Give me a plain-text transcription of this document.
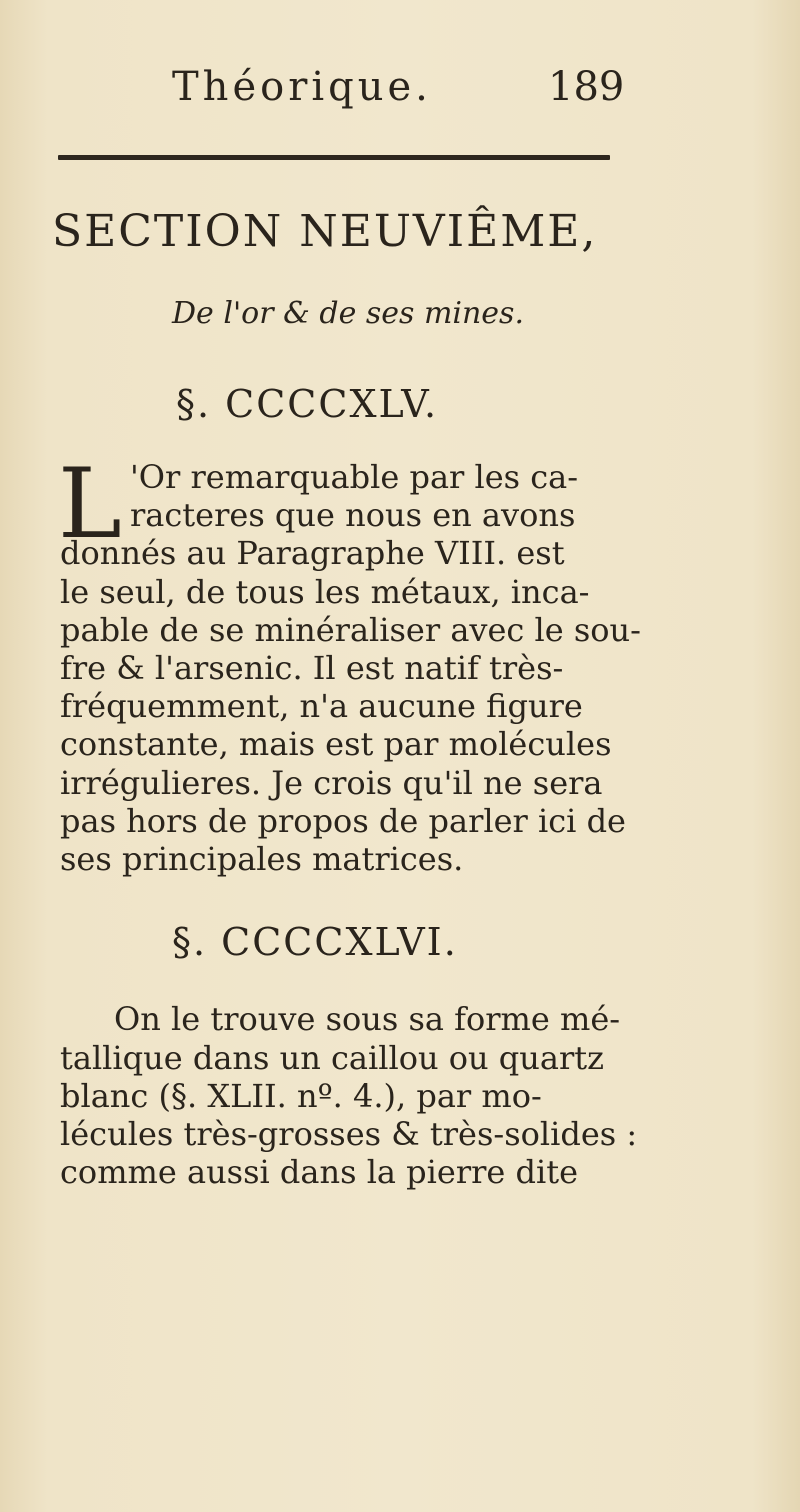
Théorique.	189
SECTION NEUVIÊME,
De l'or & de ses mines.
§. CCCCXLV.
L 'Or remarquable par les ca-
racteres que nous en avons
donnés au Paragraphe VIII. est
le seul, de tous les métaux, inca-
pable de se minéraliser avec le sou-
fre & l'arsenic. Il est natif très-
fréquemment, n'a aucune figure
constante, mais est par molécules
irrégulieres. Je crois qu'il ne sera
pas hors de propos de parler ici de
ses principales matrices.
§. CCCCXLVI.
On le trouve sous sa forme mé-
tallique dans un caillou ou quartz
blanc (§. XLII. nº. 4.), par mo-
lécules très-grosses & très-solides :
comme aussi dans la pierre dite
